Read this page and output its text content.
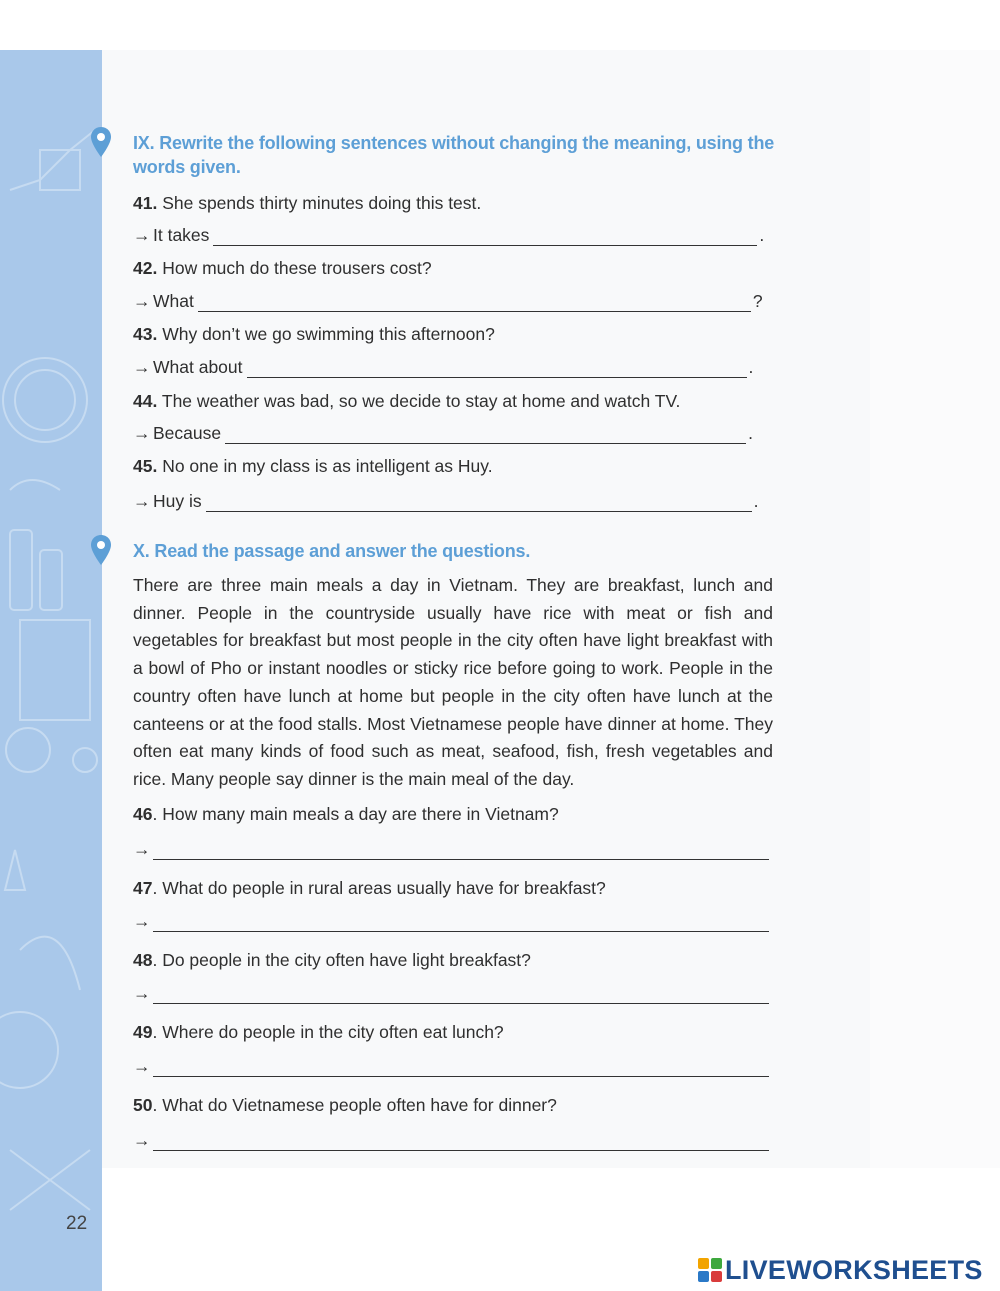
IX. Rewrite the following sentences without changing the meaning, using the
words given.
41. She spends thirty minutes doing this test.
→ It takes	.
42. How much do these trousers cost?
→ What	?
43. Why don’t we go swimming this afternoon?
→ What about	.
44. The weather was bad, so we decide to stay at home and watch TV.
→ Because	.
45. No one in my class is as intelligent as Huy.
→ Huy is	.
X. Read the passage and answer the questions.
There are three main meals a day in Vietnam. They are breakfast, lunch and dinner. People in the countryside usually have rice with meat or fish and vegetables for breakfast but most people in the city often have light breakfast with a bowl of Pho or instant noodles or sticky rice before going to work. People in the country often have lunch at home but people in the city often have lunch at the canteens or at the food stalls. Most Vietnamese people have dinner at home. They often eat many kinds of food such as meat, seafood, fish, fresh vegetables and rice. Many people say dinner is the main meal of the day.
46. How many main meals a day are there in Vietnam?
→
47. What do people in rural areas usually have for breakfast?
→
48. Do people in the city often have light breakfast?
→
49. Where do people in the city often eat lunch?
→
50. What do Vietnamese people often have for dinner?
→
22
LIVEWORKSHEETS
